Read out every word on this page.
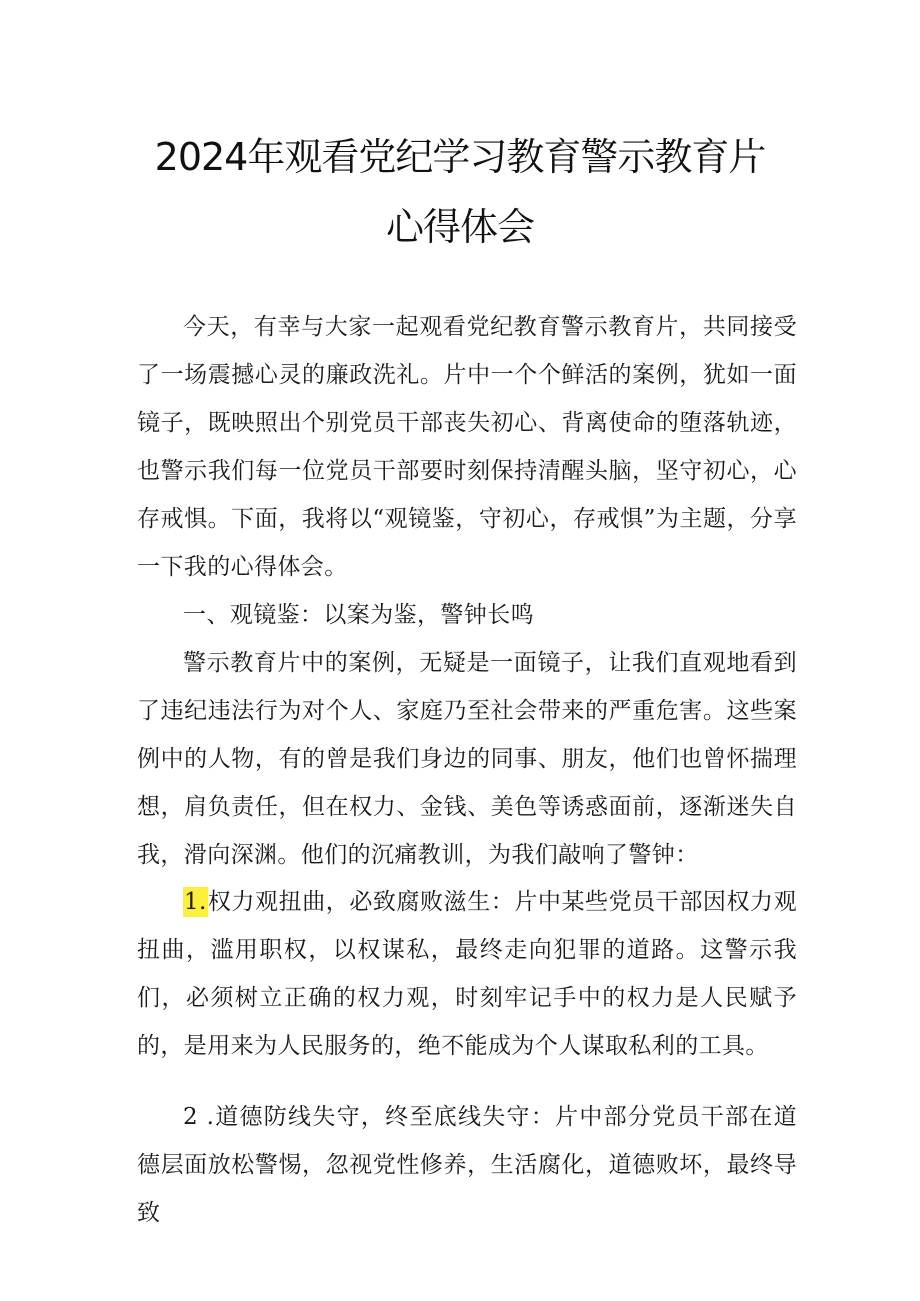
2024年观看党纪学习教育警示教育片
心得体会

今天，有幸与大家一起观看党纪教育警示教育片，共同接受了一场震撼心灵的廉政洗礼。片中一个个鲜活的案例，犹如一面镜子，既映照出个别党员干部丧失初心、背离使命的堕落轨迹，也警示我们每一位党员干部要时刻保持清醒头脑，坚守初心，心存戒惧。下面，我将以“观镜鉴，守初心，存戒惧”为主题，分享一下我的心得体会。

一、观镜鉴：以案为鉴，警钟长鸣

警示教育片中的案例，无疑是一面镜子，让我们直观地看到了违纪违法行为对个人、家庭乃至社会带来的严重危害。这些案例中的人物，有的曾是我们身边的同事、朋友，他们也曾怀揣理想，肩负责任，但在权力、金钱、美色等诱惑面前，逐渐迷失自我，滑向深渊。他们的沉痛教训，为我们敲响了警钟：

1.权力观扭曲，必致腐败滋生：片中某些党员干部因权力观扭曲，滥用职权，以权谋私，最终走向犯罪的道路。这警示我们，必须树立正确的权力观，时刻牢记手中的权力是人民赋予的，是用来为人民服务的，绝不能成为个人谋取私利的工具。

2 .道德防线失守，终至底线失守：片中部分党员干部在道德层面放松警惕，忽视党性修养，生活腐化，道德败坏，最终导致
